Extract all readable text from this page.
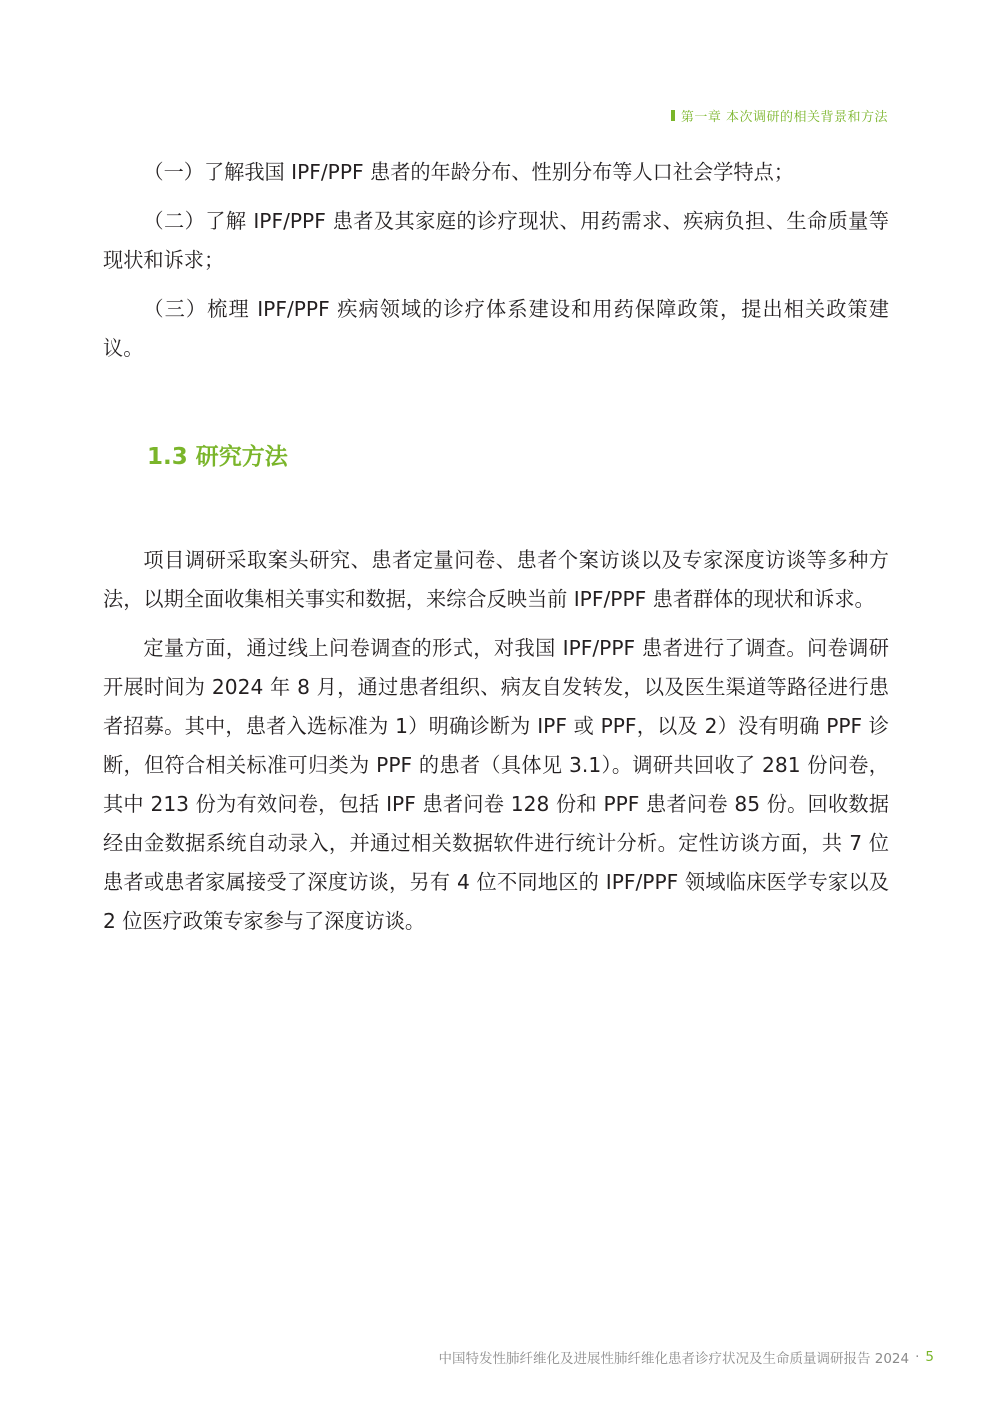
第一章 本次调研的相关背景和方法

（一）了解我国 IPF/PPF 患者的年龄分布、性别分布等人口社会学特点；

（二）了解 IPF/PPF 患者及其家庭的诊疗现状、用药需求、疾病负担、生命质量等现状和诉求；

（三）梳理 IPF/PPF 疾病领域的诊疗体系建设和用药保障政策，提出相关政策建议。

1.3 研究方法

项目调研采取案头研究、患者定量问卷、患者个案访谈以及专家深度访谈等多种方法，以期全面收集相关事实和数据，来综合反映当前 IPF/PPF 患者群体的现状和诉求。

定量方面，通过线上问卷调查的形式，对我国 IPF/PPF 患者进行了调查。问卷调研开展时间为 2024 年 8 月，通过患者组织、病友自发转发，以及医生渠道等路径进行患者招募。其中，患者入选标准为 1）明确诊断为 IPF 或 PPF，以及 2）没有明确 PPF 诊断，但符合相关标准可归类为 PPF 的患者（具体见 3.1）。调研共回收了 281 份问卷，其中 213 份为有效问卷，包括 IPF 患者问卷 128 份和 PPF 患者问卷 85 份。回收数据经由金数据系统自动录入，并通过相关数据软件进行统计分析。定性访谈方面，共 7 位患者或患者家属接受了深度访谈，另有 4 位不同地区的 IPF/PPF 领域临床医学专家以及 2 位医疗政策专家参与了深度访谈。

中国特发性肺纤维化及进展性肺纤维化患者诊疗状况及生命质量调研报告 2024 · 5
